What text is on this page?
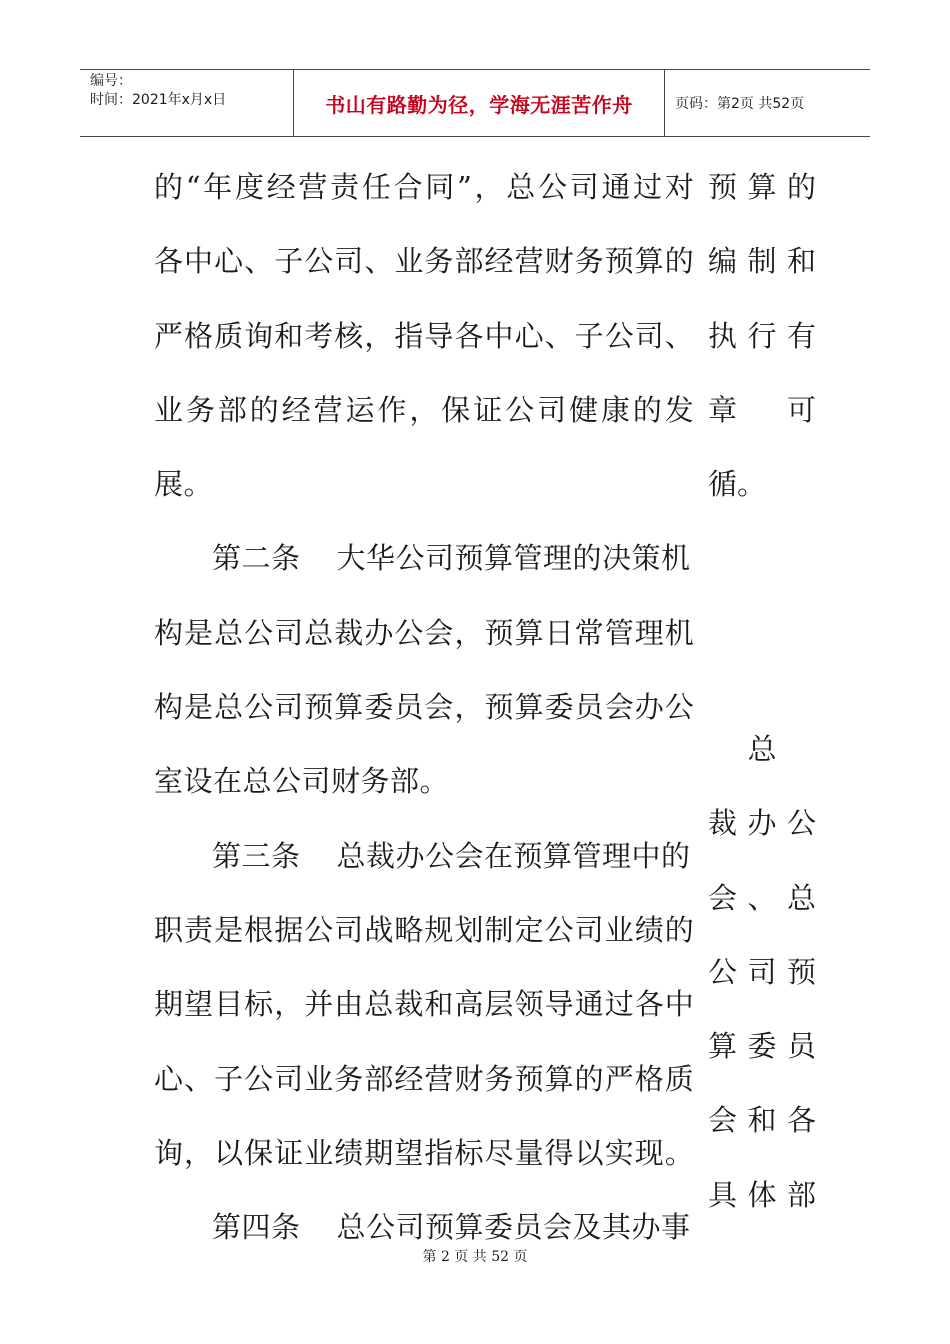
编号：
时间：2021年x月x日	书山有路勤为径，学海无涯苦作舟	页码：第2页 共52页
的 “ 年 度 经 营 责 任 合 同 ” ， 总 公 司 通 过 对
各 中 心 、 子 公 司 、 业 务 部 经 营 财 务 预 算 的
严 格 质 询 和 考 核 ， 指 导 各 中 心 、 子 公 司 、
业 务 部 的 经 营 运 作 ， 保 证 公 司 健 康 的 发
展。
第二条 大华公司预算管理的决策机
构 是 总 公 司 总 裁 办 公 会 ， 预 算 日 常 管 理 机
构 是 总 公 司 预 算 委 员 会 ， 预 算 委 员 会 办 公
室设在总公司财务部。
第三条 总裁办公会在预算管理中的
职 责 是 根 据 公 司 战 略 规 划 制 定 公 司 业 绩 的
期 望 目 标 ， 并 由 总 裁 和 高 层 领 导 通 过 各 中
心 、 子 公 司 业 务 部 经 营 财 务 预 算 的 严 格 质
询 ， 以 保 证 业 绩 期 望 指 标 尽 量 得 以 实 现 。
第四条 总公司预算委员会及其办事
预 算 的
编 制 和
执 行 有
章 可
循。
总
裁 办 公
会 、 总
公 司 预
算 委 员
会 和 各
具 体 部
第 2 页 共 52 页
